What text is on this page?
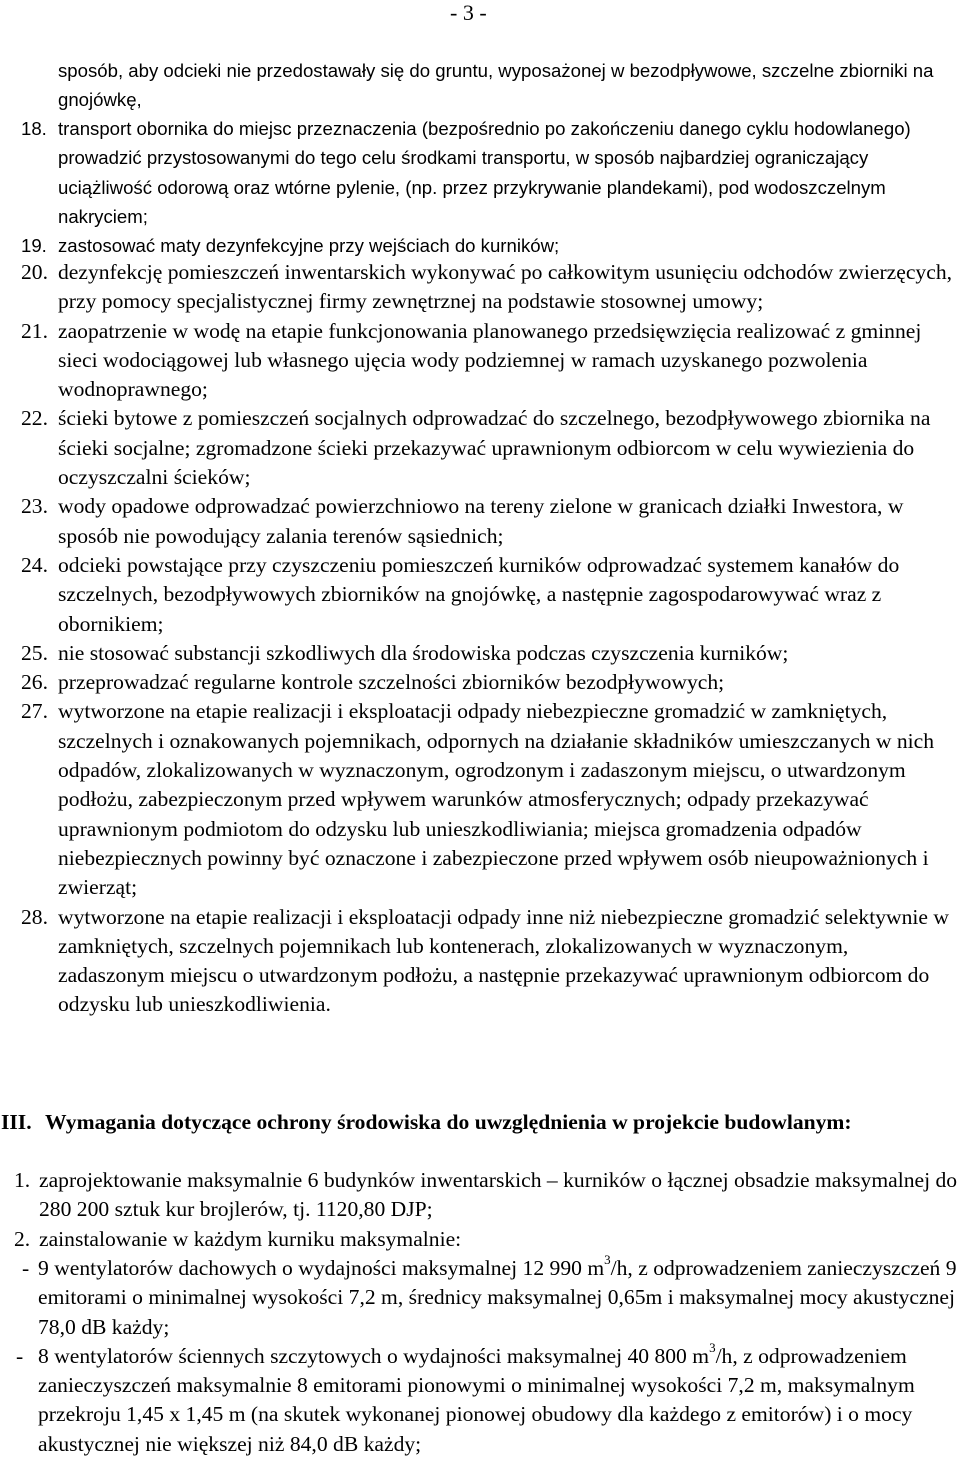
- 3 -

sposób, aby odcieki nie przedostawały się do gruntu, wyposażonej w bezodpływowe, szczelne zbiorniki na gnojówkę,

18. transport obornika do miejsc przeznaczenia (bezpośrednio po zakończeniu danego cyklu hodowlanego) prowadzić przystosowanymi do tego celu środkami transportu, w sposób najbardziej ograniczający uciążliwość odorową oraz wtórne pylenie, (np. przez przykrywanie plandekami), pod wodoszczelnym nakryciem;
19. zastosować maty dezynfekcyjne przy wejściach do kurników;
20. dezynfekcję pomieszczeń inwentarskich wykonywać po całkowitym usunięciu odchodów zwierzęcych, przy pomocy specjalistycznej firmy zewnętrznej na podstawie stosownej umowy;
21. zaopatrzenie w wodę na etapie funkcjonowania planowanego przedsięwzięcia realizować z gminnej sieci wodociągowej lub własnego ujęcia wody podziemnej w ramach uzyskanego pozwolenia wodnoprawnego;
22. ścieki bytowe z pomieszczeń socjalnych odprowadzać do szczelnego, bezodpływowego zbiornika na ścieki socjalne; zgromadzone ścieki przekazywać uprawnionym odbiorcom w celu wywiezienia do oczyszczalni ścieków;
23. wody opadowe odprowadzać powierzchniowo na tereny zielone w granicach działki Inwestora, w sposób nie powodujący zalania terenów sąsiednich;
24. odcieki powstające przy czyszczeniu pomieszczeń kurników odprowadzać systemem kanałów do szczelnych, bezodpływowych zbiorników na gnojówkę, a następnie zagospodarowywać wraz z obornikiem;
25. nie stosować substancji szkodliwych dla środowiska podczas czyszczenia kurników;
26. przeprowadzać regularne kontrole szczelności zbiorników bezodpływowych;
27. wytworzone na etapie realizacji i eksploatacji odpady niebezpieczne gromadzić w zamkniętych, szczelnych i oznakowanych pojemnikach, odpornych na działanie składników umieszczanych w nich odpadów, zlokalizowanych w wyznaczonym, ogrodzonym i zadaszonym miejscu, o utwardzonym podłożu, zabezpieczonym przed wpływem warunków atmosferycznych; odpady przekazywać uprawnionym podmiotom do odzysku lub unieszkodliwiania; miejsca gromadzenia odpadów niebezpiecznych powinny być oznaczone i zabezpieczone przed wpływem osób nieupoważnionych i zwierząt;
28. wytworzone na etapie realizacji i eksploatacji odpady inne niż niebezpieczne gromadzić selektywnie w zamkniętych, szczelnych pojemnikach lub kontenerach, zlokalizowanych w wyznaczonym, zadaszonym miejscu o utwardzonym podłożu, a następnie przekazywać uprawnionym odbiorcom do odzysku lub unieszkodliwienia.
III. Wymagania dotyczące ochrony środowiska do uwzględnienia w projekcie budowlanym:

1. zaprojektowanie maksymalnie 6 budynków inwentarskich – kurników o łącznej obsadzie maksymalnej do 280 200 sztuk kur brojlerów, tj. 1120,80 DJP;
2. zainstalowanie w każdym kurniku maksymalnie:
- 9 wentylatorów dachowych o wydajności maksymalnej 12 990 $m^3/h$, z odprowadzeniem zanieczyszczeń 9 emitorami o minimalnej wysokości 7,2 m, średnicy maksymalnej 0,65m i maksymalnej mocy akustycznej 78,0 dB każdy;
- 8 wentylatorów ściennych szczytowych o wydajności maksymalnej 40 800 $m^3/h$, z odprowadzeniem zanieczyszczeń maksymalnie 8 emitorami pionowymi o minimalnej wysokości 7,2 m, maksymalnym przekroju 1,45 x 1,45 m (na skutek wykonanej pionowej obudowy dla każdego z emitorów) i o mocy akustycznej nie większej niż 84,0 dB każdy;
